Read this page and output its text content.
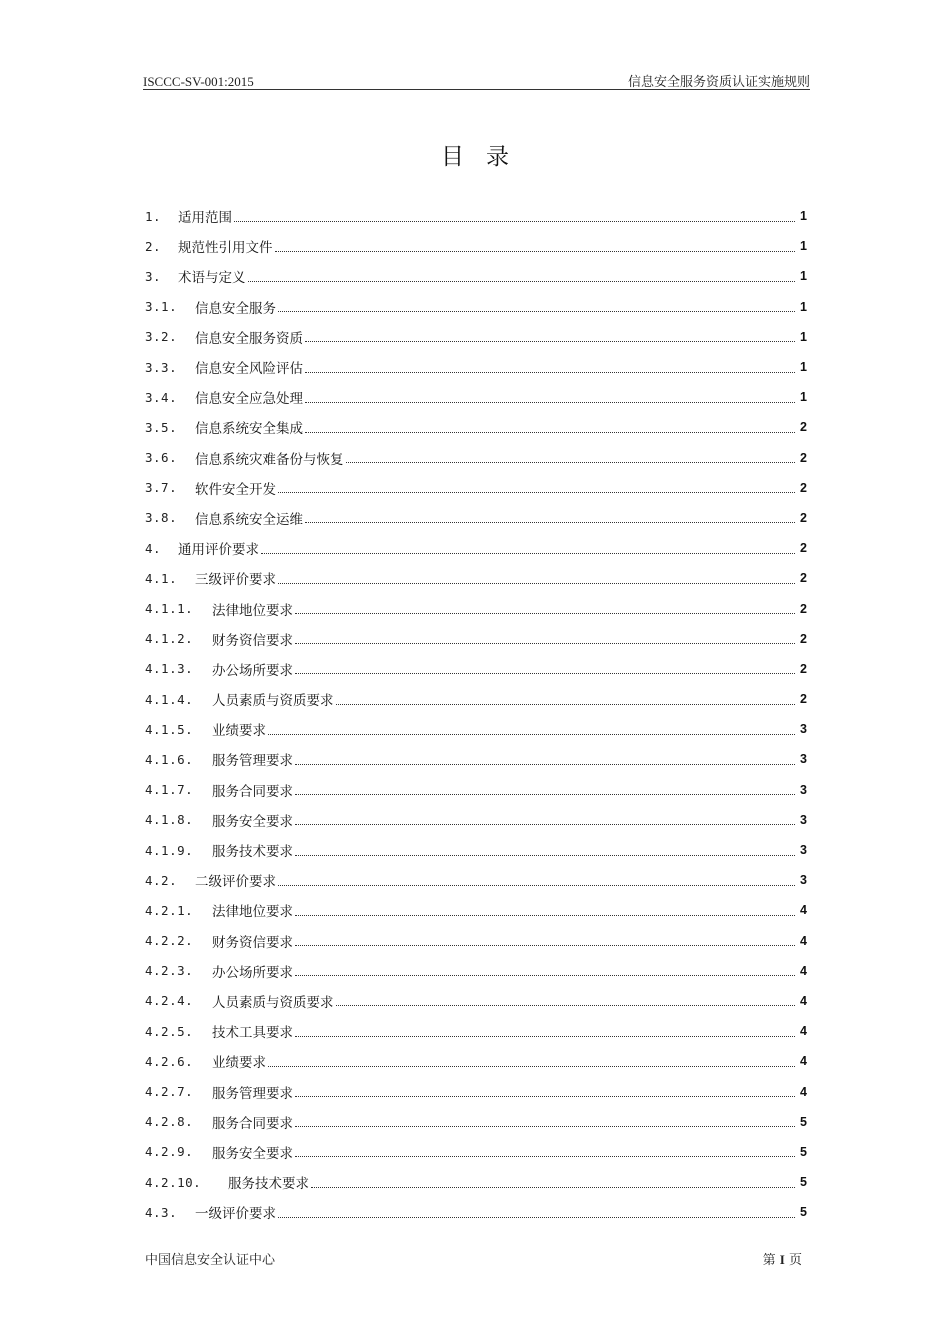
ISCCC-SV-001:2015	信息安全服务资质认证实施规则
目录
1.	适用范围	1
2.	规范性引用文件	1
3.	术语与定义	1
3.1.	信息安全服务	1
3.2.	信息安全服务资质	1
3.3.	信息安全风险评估	1
3.4.	信息安全应急处理	1
3.5.	信息系统安全集成	2
3.6.	信息系统灾难备份与恢复	2
3.7.	软件安全开发	2
3.8.	信息系统安全运维	2
4.	通用评价要求	2
4.1.	三级评价要求	2
4.1.1.	法律地位要求	2
4.1.2.	财务资信要求	2
4.1.3.	办公场所要求	2
4.1.4.	人员素质与资质要求	2
4.1.5.	业绩要求	3
4.1.6.	服务管理要求	3
4.1.7.	服务合同要求	3
4.1.8.	服务安全要求	3
4.1.9.	服务技术要求	3
4.2.	二级评价要求	3
4.2.1.	法律地位要求	4
4.2.2.	财务资信要求	4
4.2.3.	办公场所要求	4
4.2.4.	人员素质与资质要求	4
4.2.5.	技术工具要求	4
4.2.6.	业绩要求	4
4.2.7.	服务管理要求	4
4.2.8.	服务合同要求	5
4.2.9.	服务安全要求	5
4.2.10.	服务技术要求	5
4.3.	一级评价要求	5
中国信息安全认证中心	第 I 页
